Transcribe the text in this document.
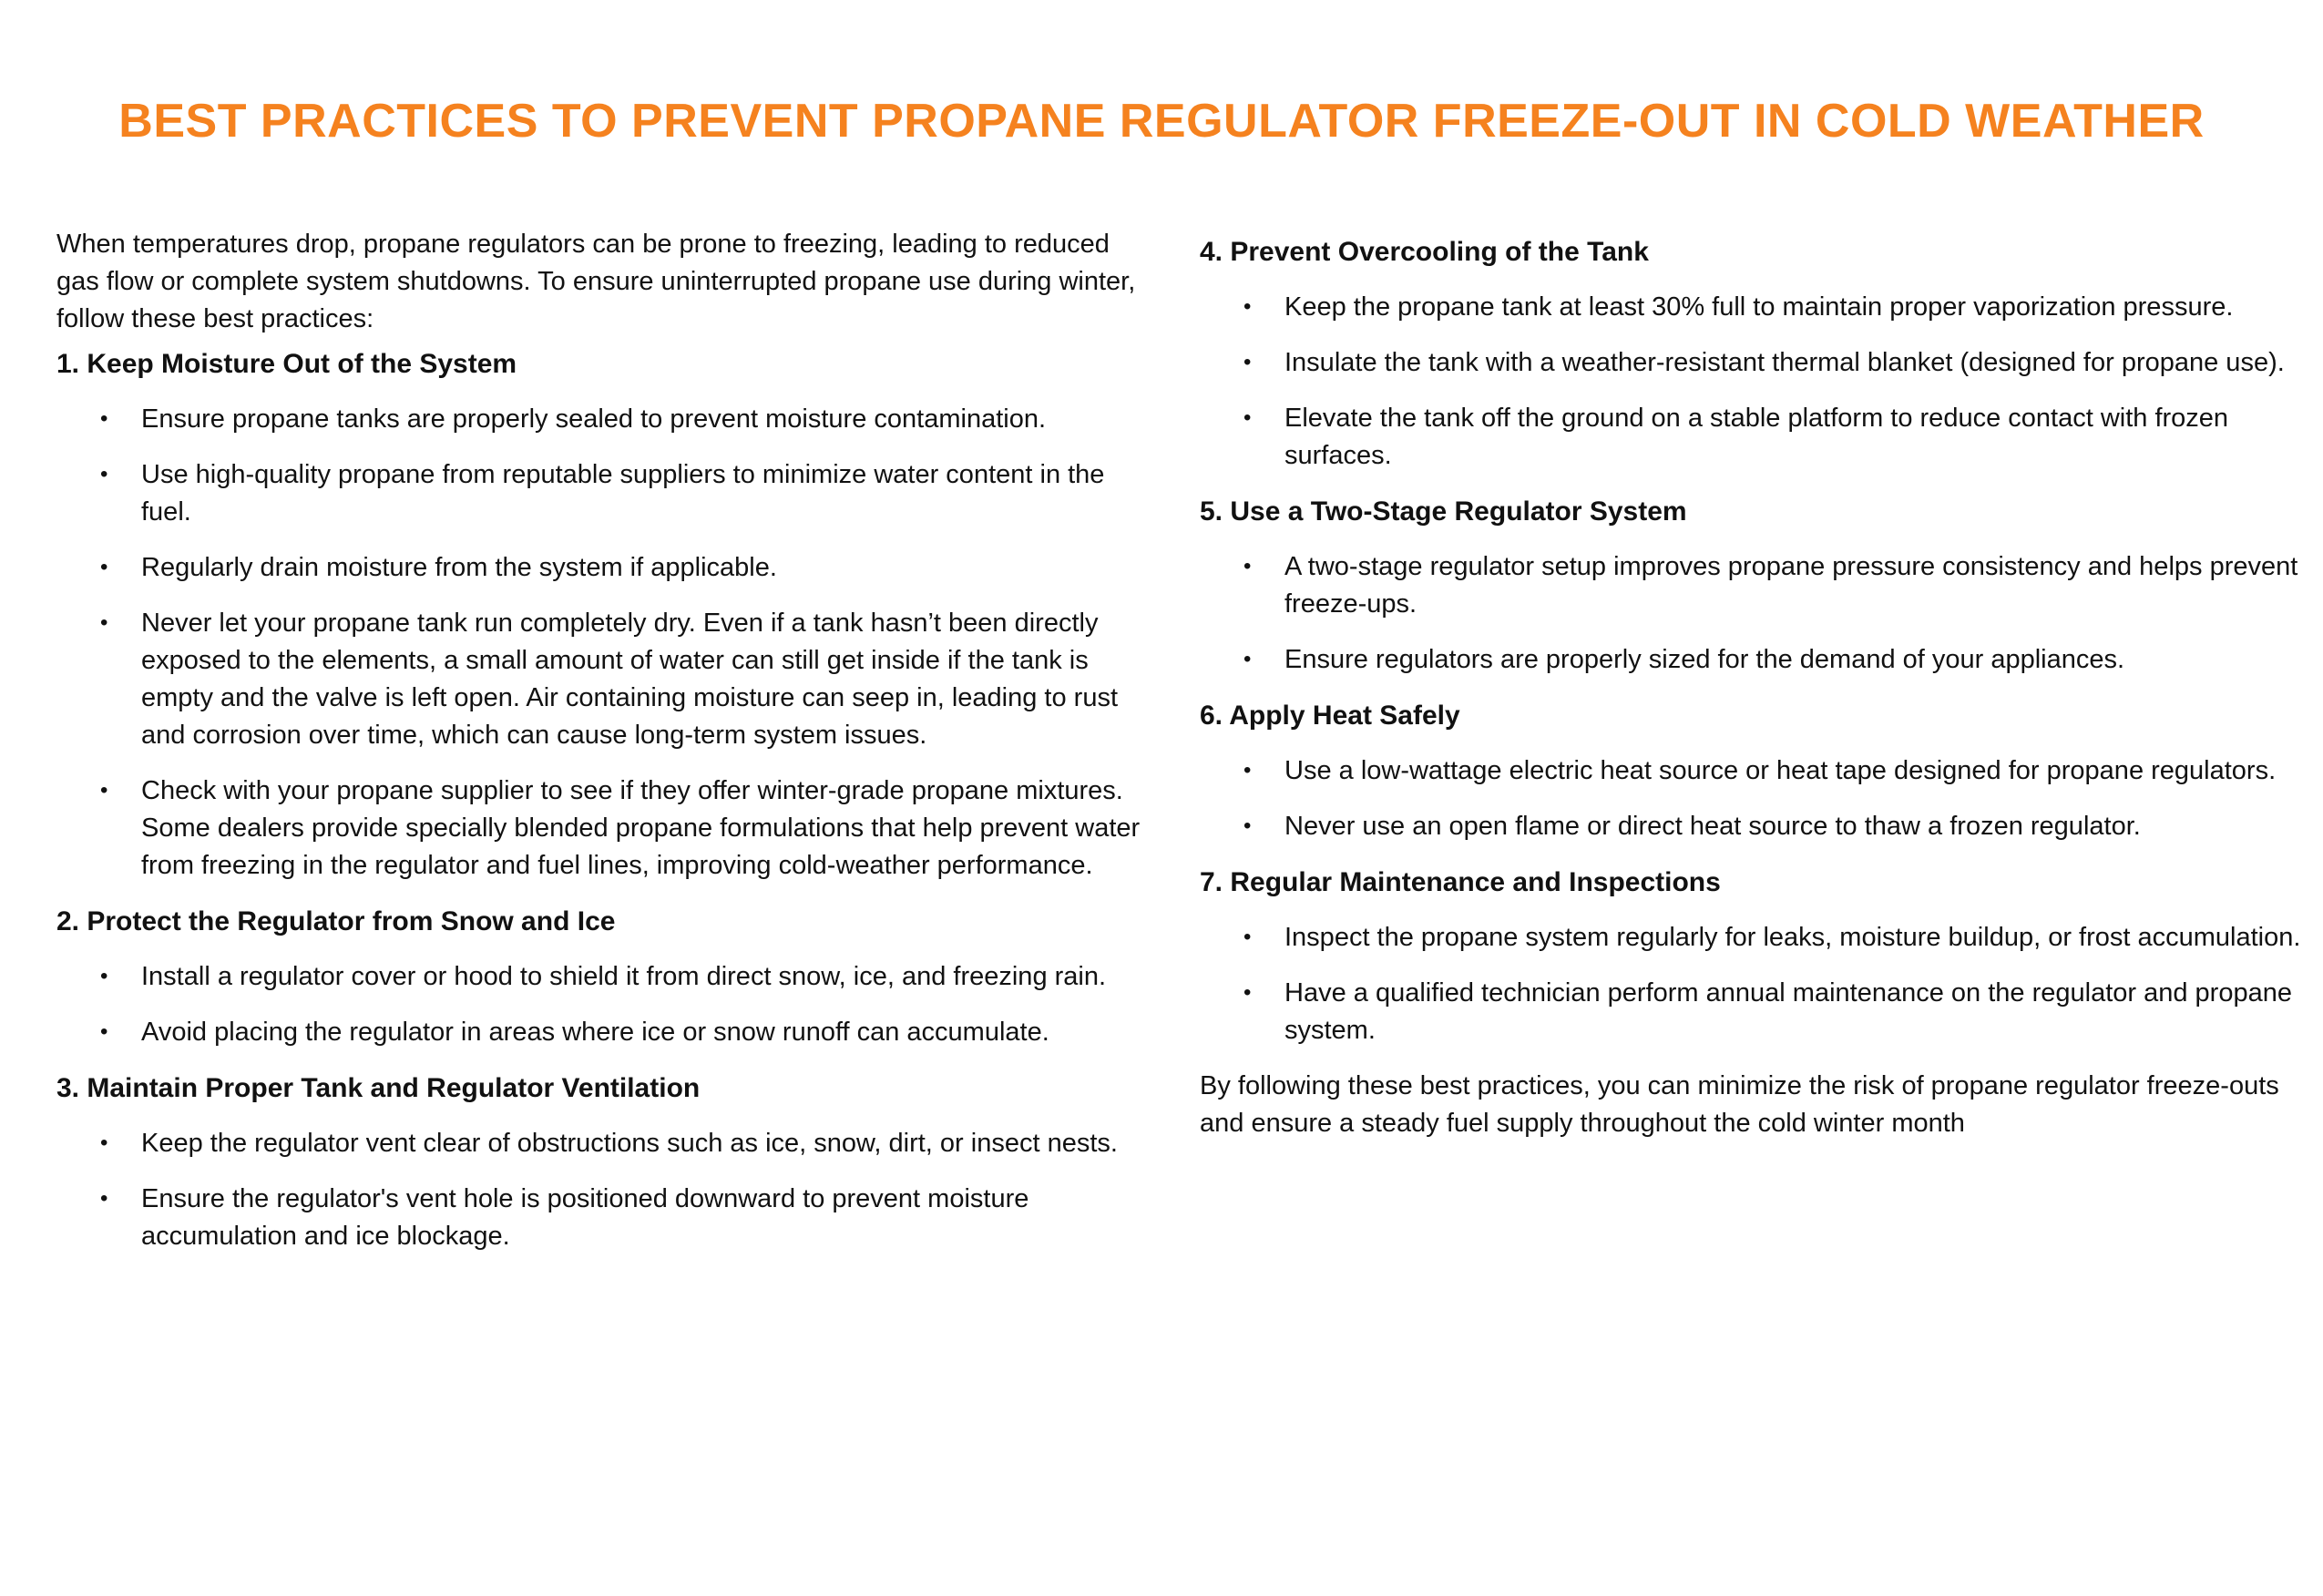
BEST PRACTICES TO PREVENT PROPANE REGULATOR FREEZE-OUT IN COLD WEATHER

When temperatures drop, propane regulators can be prone to freezing, leading to reduced gas flow or complete system shutdowns. To ensure uninterrupted propane use during winter, follow these best practices:

1. Keep Moisture Out of the System
• Ensure propane tanks are properly sealed to prevent moisture contamination.
• Use high-quality propane from reputable suppliers to minimize water content in the fuel.
• Regularly drain moisture from the system if applicable.
• Never let your propane tank run completely dry. Even if a tank hasn’t been directly exposed to the elements, a small amount of water can still get inside if the tank is empty and the valve is left open. Air containing moisture can seep in, leading to rust and corrosion over time, which can cause long-term system issues.
• Check with your propane supplier to see if they offer winter-grade propane mixtures. Some dealers provide specially blended propane formulations that help prevent water from freezing in the regulator and fuel lines, improving cold-weather performance.
2. Protect the Regulator from Snow and Ice
• Install a regulator cover or hood to shield it from direct snow, ice, and freezing rain.
• Avoid placing the regulator in areas where ice or snow runoff can accumulate.
3. Maintain Proper Tank and Regulator Ventilation
• Keep the regulator vent clear of obstructions such as ice, snow, dirt, or insect nests.
• Ensure the regulator's vent hole is positioned downward to prevent moisture accumulation and ice blockage.
4. Prevent Overcooling of the Tank
• Keep the propane tank at least 30% full to maintain proper vaporization pressure.
• Insulate the tank with a weather-resistant thermal blanket (designed for propane use).
• Elevate the tank off the ground on a stable platform to reduce contact with frozen surfaces.
5. Use a Two-Stage Regulator System
• A two-stage regulator setup improves propane pressure consistency and helps prevent freeze-ups.
• Ensure regulators are properly sized for the demand of your appliances.
6. Apply Heat Safely
• Use a low-wattage electric heat source or heat tape designed for propane regulators.
• Never use an open flame or direct heat source to thaw a frozen regulator.
7. Regular Maintenance and Inspections
• Inspect the propane system regularly for leaks, moisture buildup, or frost accumulation.
• Have a qualified technician perform annual maintenance on the regulator and propane system.

By following these best practices, you can minimize the risk of propane regulator freeze-outs and ensure a steady fuel supply throughout the cold winter month
